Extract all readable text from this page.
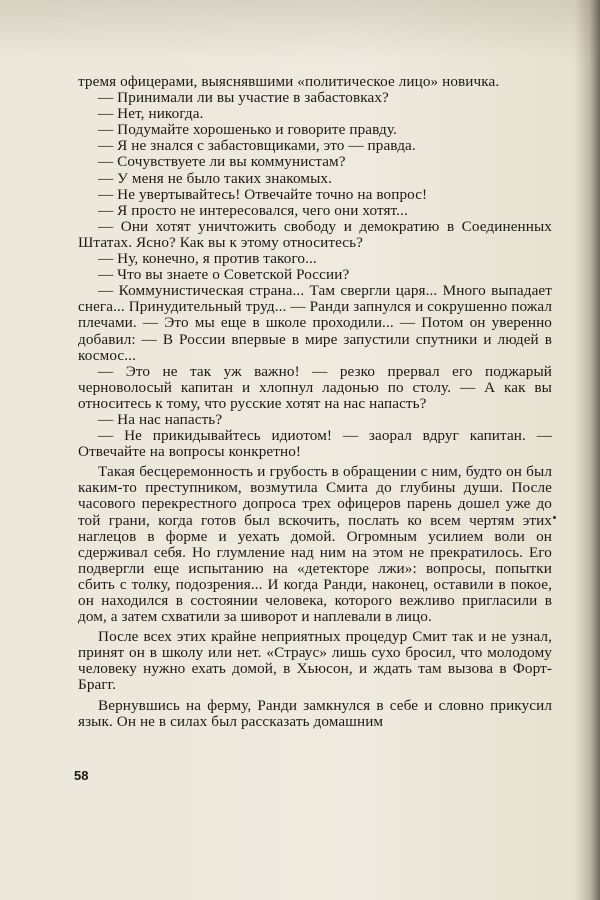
тремя офицерами, выяснявшими «политическое лицо» новичка.

— Принимали ли вы участие в забастовках?

— Нет, никогда.

— Подумайте хорошенько и говорите правду.

— Я не знался с забастовщиками, это — правда.

— Сочувствуете ли вы коммунистам?

— У меня не было таких знакомых.

— Не увертывайтесь! Отвечайте точно на вопрос!

— Я просто не интересовался, чего они хотят...

— Они хотят уничтожить свободу и демократию в Соединенных Штатах. Ясно? Как вы к этому относитесь?

— Ну, конечно, я против такого...

— Что вы знаете о Советской России?

— Коммунистическая страна... Там свергли царя... Много выпадает снега... Принудительный труд... — Ранди запнулся и сокрушенно пожал плечами. — Это мы еще в школе проходили... — Потом он уверенно добавил: — В России впервые в мире запустили спутники и людей в космос...

— Это не так уж важно! — резко прервал его поджарый черноволосый капитан и хлопнул ладонью по столу. — А как вы относитесь к тому, что русские хотят на нас напасть?

— На нас напасть?

— Не прикидывайтесь идиотом! — заорал вдруг капитан. — Отвечайте на вопросы конкретно!

Такая бесцеремонность и грубость в обращении с ним, будто он был каким-то преступником, возмутила Смита до глубины души. После часового перекрестного допроса трех офицеров парень дошел уже до той грани, когда готов был вскочить, послать ко всем чертям этих наглецов в форме и уехать домой. Огромным усилием воли он сдерживал себя. Но глумление над ним на этом не прекратилось. Его подвергли еще испытанию на «детекторе лжи»: вопросы, попытки сбить с толку, подозрения... И когда Ранди, наконец, оставили в покое, он находился в состоянии человека, которого вежливо пригласили в дом, а затем схватили за шиворот и наплевали в лицо.

После всех этих крайне неприятных процедур Смит так и не узнал, принят он в школу или нет. «Страус» лишь сухо бросил, что молодому человеку нужно ехать домой, в Хьюсон, и ждать там вызова в Форт-Брагг.

Вернувшись на ферму, Ранди замкнулся в себе и словно прикусил язык. Он не в силах был рассказать домашним

58
